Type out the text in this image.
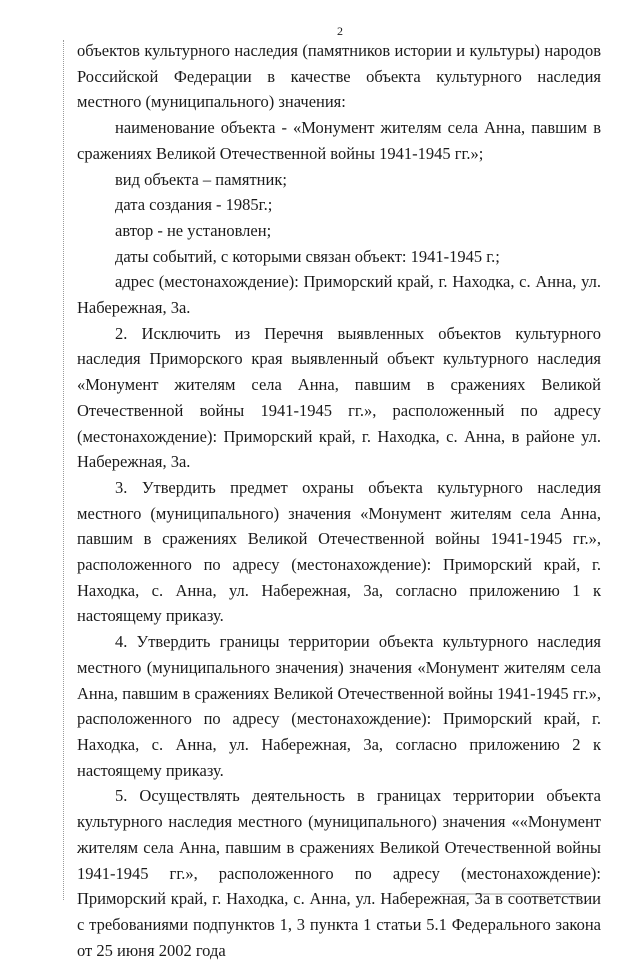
2

объектов культурного наследия (памятников истории и культуры) народов Российской Федерации в качестве объекта культурного наследия местного (муниципального) значения:

наименование объекта - «Монумент жителям села Анна, павшим в сражениях Великой Отечественной войны 1941-1945 гг.»;

вид объекта – памятник;

дата создания - 1985г.;

автор - не установлен;

даты событий, с которыми связан объект: 1941-1945 г.;

адрес (местонахождение): Приморский край, г. Находка, с. Анна, ул. Набережная, 3а.

2. Исключить из Перечня выявленных объектов культурного наследия Приморского края выявленный объект культурного наследия «Монумент жителям села Анна, павшим в сражениях Великой Отечественной войны 1941-1945 гг.», расположенный по адресу (местонахождение): Приморский край, г. Находка, с. Анна, в районе ул. Набережная, 3а.

3. Утвердить предмет охраны объекта культурного наследия местного (муниципального) значения «Монумент жителям села Анна, павшим в сражениях Великой Отечественной войны 1941-1945 гг.», расположенного по адресу (местонахождение): Приморский край, г. Находка, с. Анна, ул. Набережная, 3а, согласно приложению 1 к настоящему приказу.

4. Утвердить границы территории объекта культурного наследия местного (муниципального значения) значения «Монумент жителям села Анна, павшим в сражениях Великой Отечественной войны 1941-1945 гг.», расположенного по адресу (местонахождение): Приморский край, г. Находка, с. Анна, ул. Набережная, 3а, согласно приложению 2 к настоящему приказу.

5. Осуществлять деятельность в границах территории объекта культурного наследия местного (муниципального) значения ««Монумент жителям села Анна, павшим в сражениях Великой Отечественной войны 1941-1945 гг.», расположенного по адресу (местонахождение): Приморский край, г. Находка, с. Анна, ул. Набережная, 3а в соответствии с требованиями подпунктов 1, 3 пункта 1 статьи 5.1 Федерального закона от 25 июня 2002 года
